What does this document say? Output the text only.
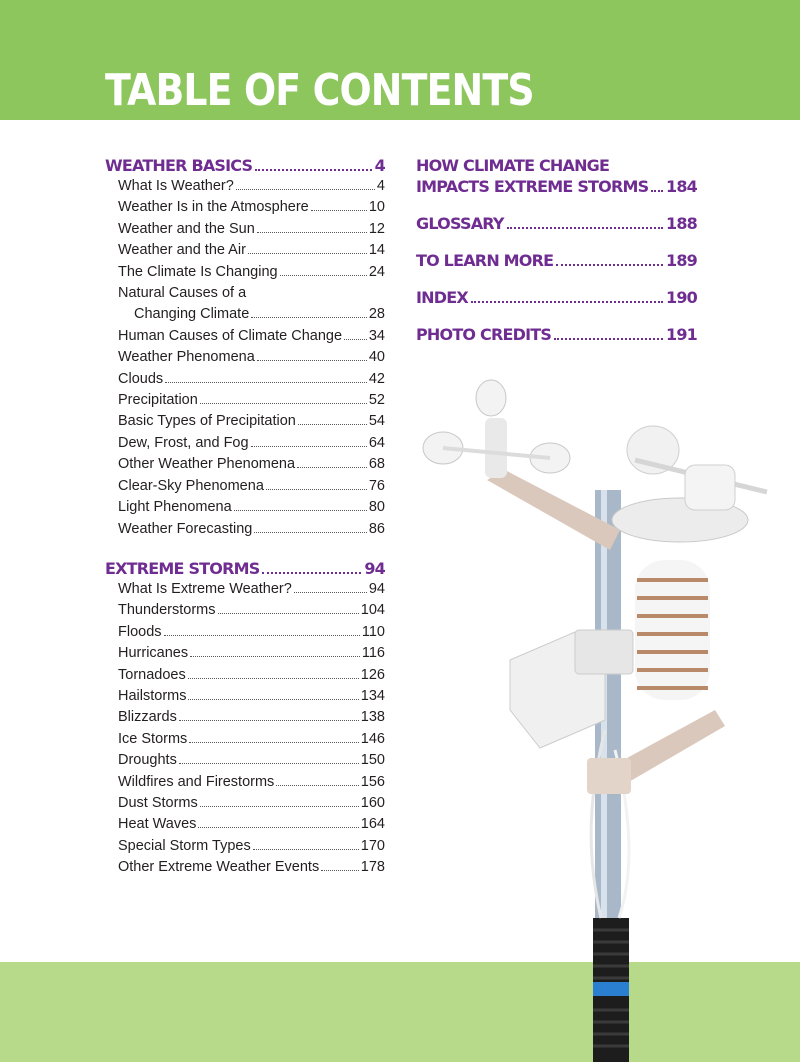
TABLE OF CONTENTS
WEATHER BASICS	4
What Is Weather?	4
Weather Is in the Atmosphere	10
Weather and the Sun	12
Weather and the Air	14
The Climate Is Changing	24
Natural Causes of a
Changing Climate	28
Human Causes of Climate Change 34
Weather Phenomena	40
Clouds	42
Precipitation	52
Basic Types of Precipitation	54
Dew, Frost, and Fog	64
Other Weather Phenomena	68
Clear-Sky Phenomena	76
Light Phenomena	80
Weather Forecasting	86
EXTREME STORMS	94
What Is Extreme Weather?	94
Thunderstorms	104
Floods	110
Hurricanes	116
Tornadoes	126
Hailstorms	134
Blizzards	138
Ice Storms	146
Droughts	150
Wildfires and Firestorms	156
Dust Storms	160
Heat Waves	164
Special Storm Types	170
Other Extreme Weather Events	178
HOW CLIMATE CHANGE
IMPACTS EXTREME STORMS 184
GLOSSARY	188
TO LEARN MORE	189
INDEX	190
PHOTO CREDITS	191
